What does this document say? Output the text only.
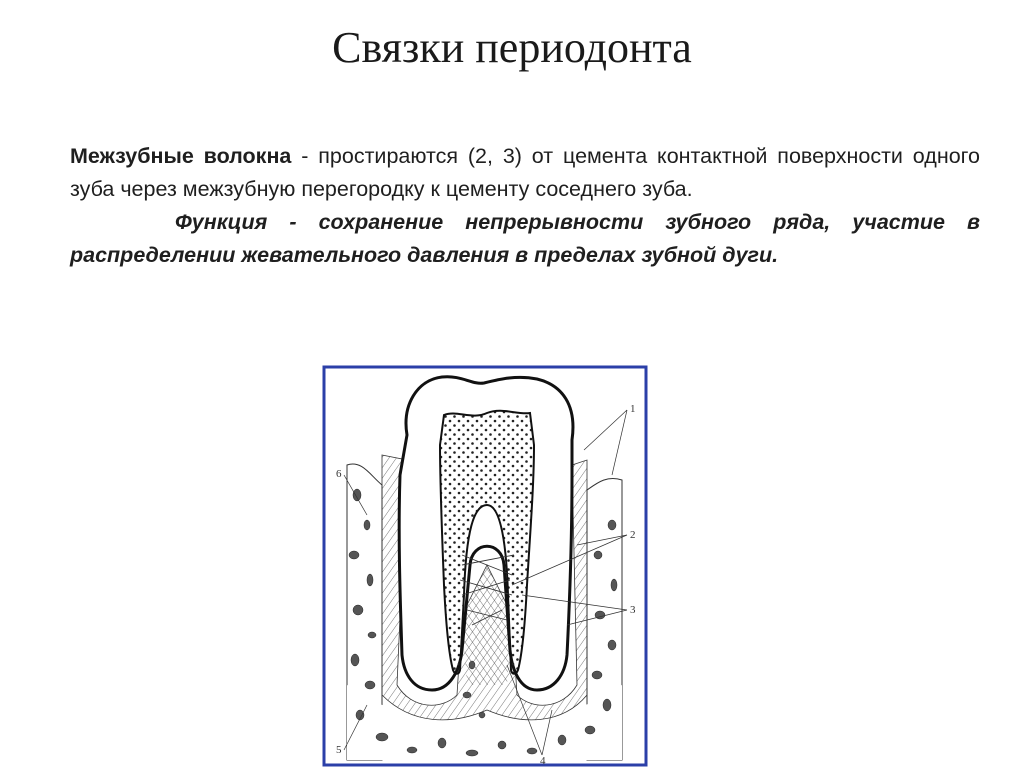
Связки периодонта

Межзубные волокна - простираются (2, 3) от цемента контактной поверхности одного зуба через межзубную перегородку к цементу соседнего зуба.

Функция - сохранение непрерывности зубного ряда, участие в распределении жевательного давления в пределах зубной дуги.

1
2
3
4
5
6
